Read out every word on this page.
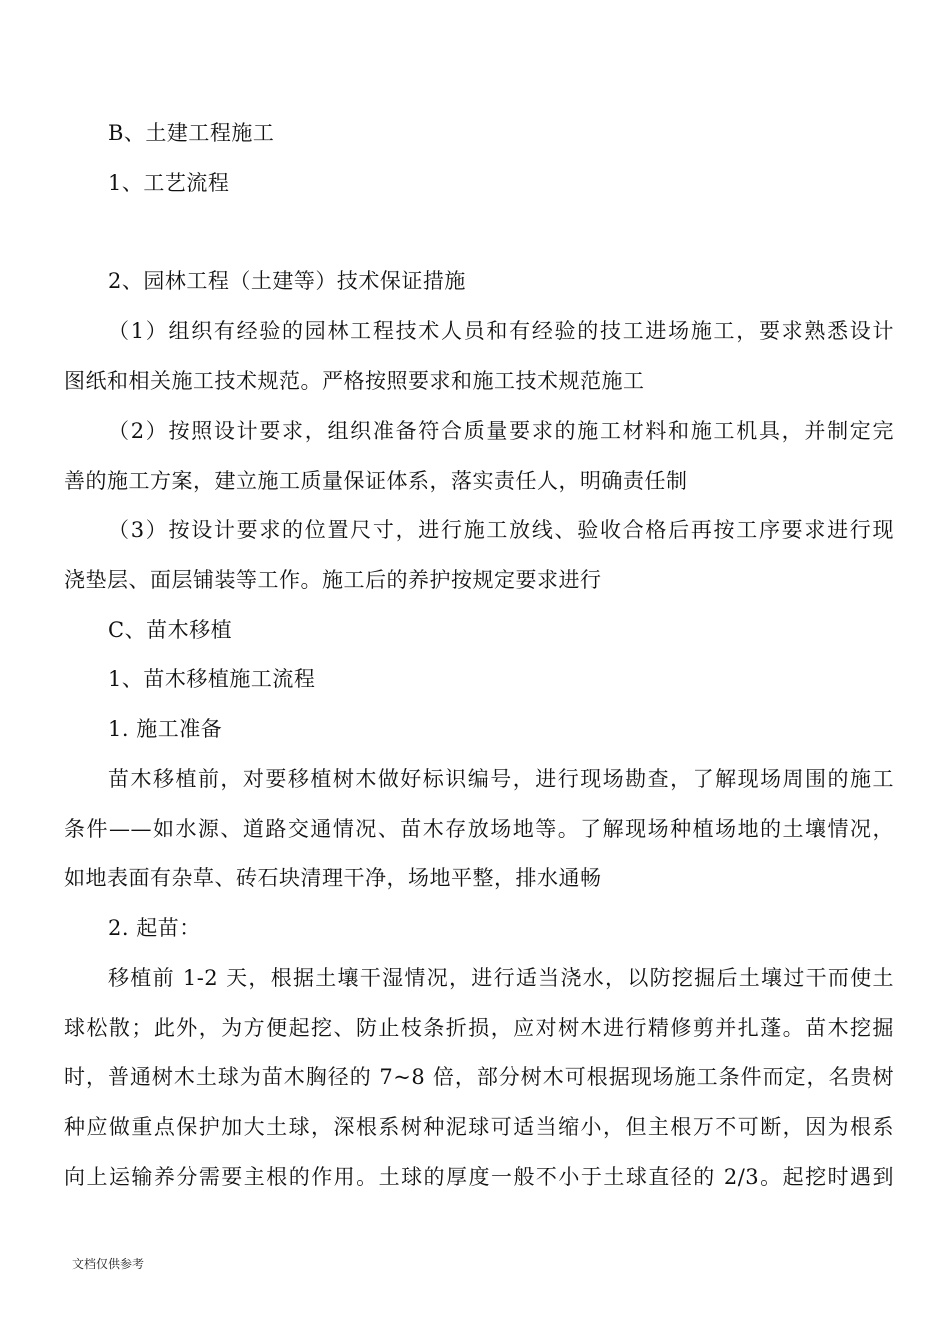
B、土建工程施工
1、工艺流程
2、园林工程（土建等）技术保证措施
（1）组织有经验的园林工程技术人员和有经验的技工进场施工，要求熟悉设计
图纸和相关施工技术规范。严格按照要求和施工技术规范施工
（2）按照设计要求，组织准备符合质量要求的施工材料和施工机具，并制定完
善的施工方案，建立施工质量保证体系，落实责任人，明确责任制
（3）按设计要求的位置尺寸，进行施工放线、验收合格后再按工序要求进行现
浇垫层、面层铺装等工作。施工后的养护按规定要求进行
C、苗木移植
1、苗木移植施工流程
1. 施工准备
苗木移植前，对要移植树木做好标识编号，进行现场勘查，了解现场周围的施工
条件——如水源、道路交通情况、苗木存放场地等。了解现场种植场地的土壤情况，
如地表面有杂草、砖石块清理干净，场地平整，排水通畅
2. 起苗：
移植前 1-2 天，根据土壤干湿情况，进行适当浇水，以防挖掘后土壤过干而使土
球松散；此外，为方便起挖、防止枝条折损，应对树木进行精修剪并扎蓬。苗木挖掘
时，普通树木土球为苗木胸径的 7~8 倍，部分树木可根据现场施工条件而定，名贵树
种应做重点保护加大土球，深根系树种泥球可适当缩小，但主根万不可断，因为根系
向上运输养分需要主根的作用。土球的厚度一般不小于土球直径的 2/3。起挖时遇到
文档仅供参考
